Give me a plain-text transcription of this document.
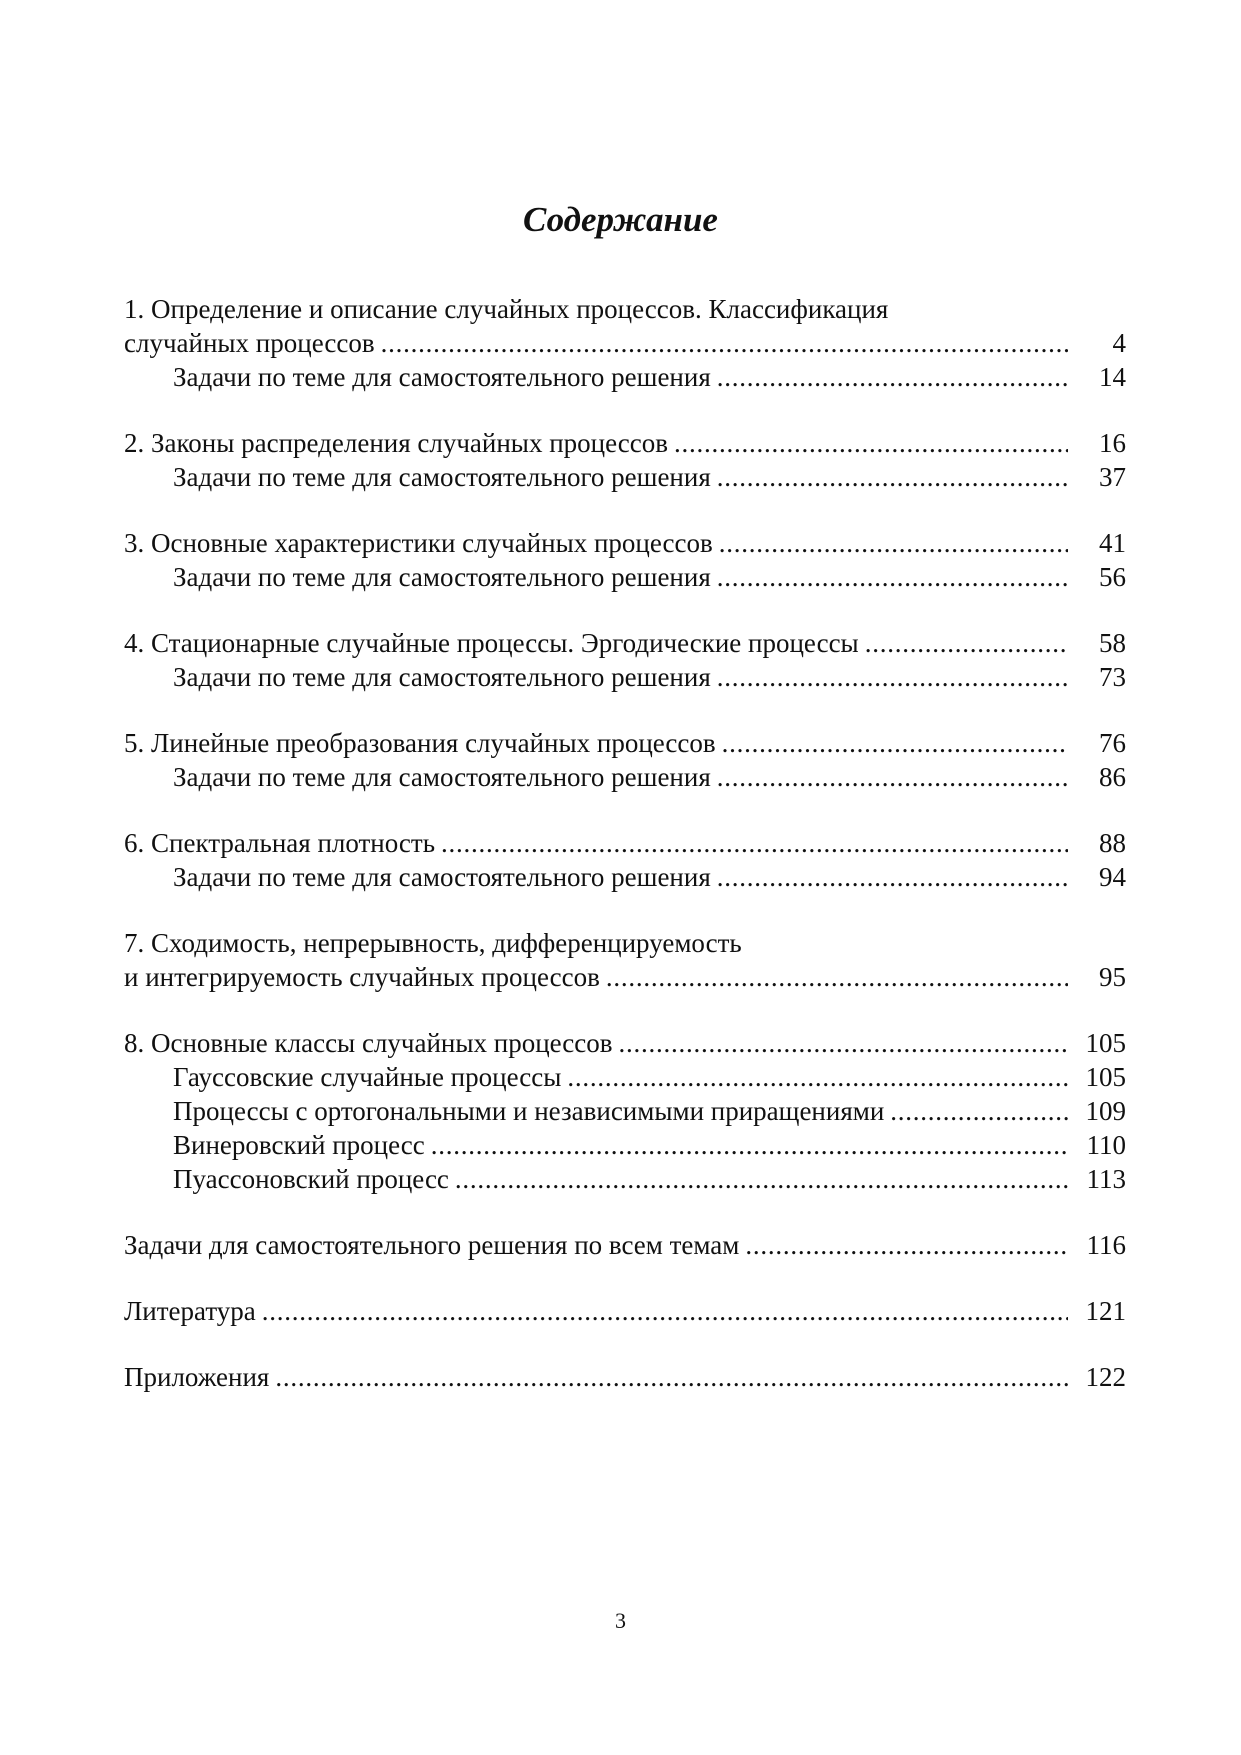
Содержание
1. Определение и описание случайных процессов. Классификация
случайных процессов . . .	4
Задачи по теме для самостоятельного решения . . .	14
2. Законы распределения случайных процессов . . .	16
Задачи по теме для самостоятельного решения . . .	37
3. Основные характеристики случайных процессов . . .	41
Задачи по теме для самостоятельного решения . . .	56
4. Стационарные случайные процессы. Эргодические процессы . . .	58
Задачи по теме для самостоятельного решения . . .	73
5. Линейные преобразования случайных процессов . . .	76
Задачи по теме для самостоятельного решения . . .	86
6. Спектральная плотность . . .	88
Задачи по теме для самостоятельного решения . . .	94
7. Сходимость, непрерывность, дифференцируемость
и интегрируемость случайных процессов . . .	95
8. Основные классы случайных процессов . . .	105
Гауссовские случайные процессы . . .	105
Процессы с ортогональными и независимыми приращениями . . .	109
Винеровский процесс . . .	110
Пуассоновский процесс . . .	113
Задачи для самостоятельного решения по всем темам . . .	116
Литература . . .	121
Приложения . . .	122
3
